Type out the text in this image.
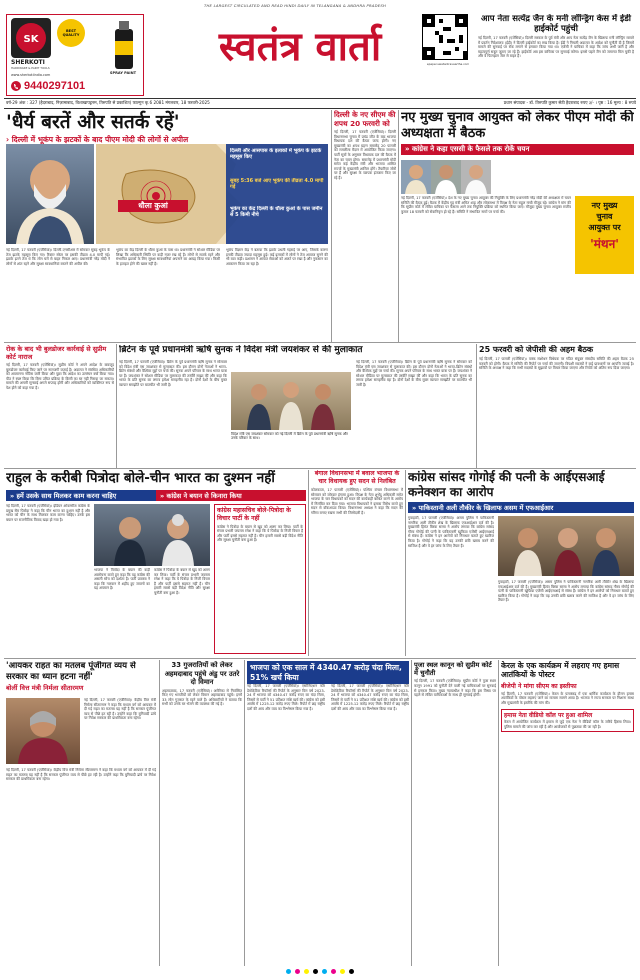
SK
SHERKOTI
HARDWARE & PAINT TOOLS
BEST QUALITY
SPRAY PAINT
www.sherkotiindia.com
9440297101
THE LARGEST CIRCULATED AND READ HINDI DAILY IN TELANGANA & ANDHRA PRADESH
स्वतंत्र वार्ता	epaper.swatantravaartha.com
आप नेता सत्येंद्र जैन के मनी लॉन्ड्रिंग केस में ईडी हाईकोर्ट पहुंची
नई दिल्ली, 17 फरवरी (एजेंसियां)। दिल्ली सरकार के पूर्व मंत्री और आप नेता सत्येंद्र जैन के खिलाफ मनी लॉन्ड्रिंग मामले में प्रवर्तन निदेशालय (ईडी) ने दिल्ली हाईकोर्ट का रुख किया है। ईडी ने निचली अदालत के आदेश को चुनौती दी है जिसमें मामले की सुनवाई पर रोक लगाने से इनकार किया गया था। एजेंसी ने याचिका में कहा कि जांच अभी जारी है और महत्वपूर्ण सबूत जुटाए जा रहे हैं। हाईकोर्ट अब इस याचिका पर सुनवाई करेगा। इससे पहले जैन को जमानत मिल चुकी है और वे फिलहाल जेल से बाहर हैं।
वर्ष-29 अंक : 327 (हैदराबाद, निज़ामाबाद, विशाखापट्टनम, तिरुपति से प्रकाशित) फाल्गुन कृ.6 2081 मंगलवार, 18 फरवरी-2025	प्रधान संपादक - डॉ. तिरुपति कुमार सेठी हैदराबाद रुपए ३/- । पृष्ठ : 16 मूल्य : 8 रुपये
'धैर्य बरतें और सतर्क रहें'
› दिल्ली में भूकंप के झटकों के बाद पीएम मोदी की लोगों से अपील
धौला कुआं
दिल्ली और आसपास के इलाकों में भूकंप के झटके महसूस किए
सुबह 5:36 बजे आए भूकंप की तीव्रता 4.0 मापी गई
भूकंप का केंद्र दिल्ली के धौला कुआं के पास जमीन से 5 किमी नीचे
नई दिल्ली, 17 फरवरी (एजेंसियां)। दिल्ली-एनसीआर में सोमवार सुबह भूकंप के तेज झटके महसूस किए गए। रिक्टर स्केल पर इसकी तीव्रता 4.0 मापी गई। झटके इतने तेज थे कि लोग घरों से बाहर निकल आए। प्रधानमंत्री नरेंद्र मोदी ने लोगों से शांत रहने और सुरक्षा सावधानियां बरतने की अपील की।
भूकंप का केंद्र दिल्ली के धौला कुआं के पास था। प्रधानमंत्री ने सोशल मीडिया पर लिखा कि अधिकारी स्थिति पर कड़ी नजर रख रहे हैं। लोगों से सतर्क रहने और संभावित झटकों के लिए सुरक्षा सावधानियां अपनाने का आग्रह किया गया। किसी के हताहत होने की खबर नहीं है।
भूकंप विज्ञान केंद्र ने बताया कि झटके उथली गहराई पर आए, जिसके कारण इनकी तीव्रता ज्यादा महसूस हुई। कई इलाकों में लोगों ने तेज आवाज सुनने की भी बात कही। प्रशासन ने आपात सेवाओं को अलर्ट पर रखा है और नुकसान का आकलन किया जा रहा है।
दिल्ली के नए सीएम की शपथ 20 फरवरी को
नई दिल्ली, 17 फरवरी (एजेंसियां)। दिल्ली विधानसभा चुनाव में प्रचंड जीत के बाद भाजपा विधायक दल की बैठक जल्द होगी। नए मुख्यमंत्री का शपथ ग्रहण समारोह 20 फरवरी को रामलीला मैदान में आयोजित किया जाएगा। पार्टी सूत्रों के अनुसार विधायक दल की बैठक में नेता का चयन होगा। समारोह में प्रधानमंत्री मोदी समेत कई केंद्रीय मंत्री और भाजपा शासित राज्यों के मुख्यमंत्री शामिल होंगे। तैयारियां जोरों पर हैं और सुरक्षा के व्यापक इंतजाम किए जा रहे हैं।
नए मुख्य चुनाव आयुक्त को लेकर पीएम मोदी की अध्यक्षता में बैठक
» कांग्रेस ने कहा एससी के फैसले तक रोकें चयन
नए मुख्य
चुनाव
आयुक्त पर
'मंथन'
नई दिल्ली, 17 फरवरी (एजेंसियां)। देश के नए मुख्य चुनाव आयुक्त की नियुक्ति के लिए प्रधानमंत्री नरेंद्र मोदी की अध्यक्षता में चयन समिति की बैठक हुई। बैठक में केंद्रीय गृह मंत्री अमित शाह और लोकसभा में विपक्ष के नेता राहुल गांधी मौजूद रहे। कांग्रेस ने मांग की कि सुप्रीम कोर्ट में लंबित याचिका पर फैसला आने तक नियुक्ति प्रक्रिया को स्थगित किया जाए। मौजूदा मुख्य चुनाव आयुक्त राजीव कुमार 18 फरवरी को सेवानिवृत्त हो रहे हैं। समिति ने संभावित नामों पर चर्चा की।
रोक के बाद भी बुलडोजर कार्रवाई से सुप्रीम कोर्ट नाराज
नई दिल्ली, 17 फरवरी (एजेंसियां)। सुप्रीम कोर्ट ने अपने आदेश के बावजूद बुलडोजर कार्रवाई किए जाने पर नाराजगी जताई है। अदालत ने संबंधित अधिकारियों को अवमानना नोटिस जारी किया और पूछा कि आदेश का उल्लंघन क्यों किया गया। पीठ ने स्पष्ट किया कि बिना उचित प्रक्रिया के किसी का घर नहीं गिराया जा सकता। मामले की अगली सुनवाई अगले सप्ताह होगी और अधिकारियों को व्यक्तिगत रूप से पेश होने को कहा गया है।
ब्रिटेन के पूर्व प्रधानमंत्री ऋषि सुनक ने विदेश मंत्री जयशंकर से की मुलाकात
विदेश मंत्री एस जयशंकर सोमवार को नई दिल्ली में ब्रिटेन के पूर्व प्रधानमंत्री ऋषि सुनक और उनके परिवार के साथ।
नई दिल्ली, 17 फरवरी (एजेंसियां)। ब्रिटेन के पूर्व प्रधानमंत्री ऋषि सुनक ने सोमवार को विदेश मंत्री एस जयशंकर से मुलाकात की। इस दौरान दोनों नेताओं ने भारत-ब्रिटेन संबंधों और वैश्विक मुद्दों पर चर्चा की। सुनक अपने परिवार के साथ भारत यात्रा पर हैं। जयशंकर ने सोशल मीडिया पर मुलाकात की तस्वीरें साझा कीं और कहा कि भारत के प्रति सुनक का लगाव हमेशा सराहनीय रहा है। दोनों देशों के बीच मुक्त व्यापार समझौते पर बातचीत भी जारी है।
नई दिल्ली, 17 फरवरी (एजेंसियां)। ब्रिटेन के पूर्व प्रधानमंत्री ऋषि सुनक ने सोमवार को विदेश मंत्री एस जयशंकर से मुलाकात की। इस दौरान दोनों नेताओं ने भारत-ब्रिटेन संबंधों और वैश्विक मुद्दों पर चर्चा की। सुनक अपने परिवार के साथ भारत यात्रा पर हैं। जयशंकर ने सोशल मीडिया पर मुलाकात की तस्वीरें साझा कीं और कहा कि भारत के प्रति सुनक का लगाव हमेशा सराहनीय रहा है। दोनों देशों के बीच मुक्त व्यापार समझौते पर बातचीत भी जारी है।
25 फरवरी को जेपीसी की अहम बैठक
नई दिल्ली, 17 फरवरी (एजेंसियां)। वक्फ संशोधन विधेयक पर गठित संयुक्त संसदीय समिति की अहम बैठक 25 फरवरी को होगी। बैठक में समिति की रिपोर्ट पर चर्चा की जाएगी। विपक्षी सदस्यों ने कई प्रावधानों पर आपत्ति जताई है। समिति के अध्यक्ष ने कहा कि सभी सदस्यों के सुझावों पर विचार किया जाएगा और रिपोर्ट को अंतिम रूप दिया जाएगा।
राहुल के करीबी पित्रोदा बोले-चीन भारत का दुश्मन नहीं
» हमें उसके साथ मिलकर काम करना चाहिए	» कांग्रेस ने बयान से किनारा किया
नई दिल्ली, 17 फरवरी (एजेंसियां)। इंडियन ओवरसीज कांग्रेस के प्रमुख सैम पित्रोदा ने कहा कि चीन भारत का दुश्मन नहीं है और भारत को चीन के साथ मिलकर काम करना चाहिए। उनके इस बयान पर राजनीतिक विवाद खड़ा हो गया है।
भाजपा ने पित्रोदा के बयान की कड़ी आलोचना करते हुए कहा कि यह कांग्रेस की असली सोच को दर्शाता है। पार्टी प्रवक्ता ने कहा कि गलवान में शहीद हुए जवानों का यह अपमान है।
कांग्रेस ने पित्रोदा के बयान से खुद को अलग कर लिया। पार्टी के संचार प्रभारी जयराम रमेश ने कहा कि ये पित्रोदा के निजी विचार हैं और पार्टी इससे सहमत नहीं है। चीन हमारी सबसे बड़ी विदेश नीति और सुरक्षा चुनौती बना हुआ है।
कांग्रेस महासचिव बोले-पित्रोदा के विचार पार्टी के नहीं
कांग्रेस ने पित्रोदा के बयान से खुद को अलग कर लिया। पार्टी के संचार प्रभारी जयराम रमेश ने कहा कि ये पित्रोदा के निजी विचार हैं और पार्टी इससे सहमत नहीं है। चीन हमारी सबसे बड़ी विदेश नीति और सुरक्षा चुनौती बना हुआ है।
बंगाल विधानसभा में बवाल भाजपा के चार विधायक हुए सदन से निलंबित
कोलकाता, 17 फरवरी (एजेंसियां)। पश्चिम बंगाल विधानसभा में सोमवार को जोरदार हंगामा हुआ। विपक्ष के नेता शुभेंदु अधिकारी समेत भाजपा के चार विधायकों को सदन की कार्यवाही बाधित करने के आरोप में निलंबित कर दिया गया। भाजपा विधायकों ने इसका विरोध करते हुए सदन से वॉकआउट किया। विधानसभा अध्यक्ष ने कहा कि सदन की गरिमा बनाए रखना सभी की जिम्मेदारी है।
कांग्रेस सांसद गोगोई की पत्नी के आईएसआई कनेक्शन का आरोप
» पाकिस्तानी अली तौकीर के खिलाफ असम में एफआईआर
गुवाहाटी, 17 फरवरी (एजेंसियां)। असम पुलिस ने पाकिस्तानी नागरिक अली तौकीर शेख के खिलाफ एफआईआर दर्ज की है। मुख्यमंत्री हिमंत बिस्वा सरमा ने आरोप लगाया कि कांग्रेस सांसद गौरव गोगोई की पत्नी के पाकिस्तानी खुफिया एजेंसी आईएसआई से संबंध हैं। कांग्रेस ने इन आरोपों को निराधार बताते हुए खारिज किया है। गोगोई ने कहा कि यह उनकी छवि खराब करने की साजिश है और वे हर जांच के लिए तैयार हैं।
गुवाहाटी, 17 फरवरी (एजेंसियां)। असम पुलिस ने पाकिस्तानी नागरिक अली तौकीर शेख के खिलाफ एफआईआर दर्ज की है। मुख्यमंत्री हिमंत बिस्वा सरमा ने आरोप लगाया कि कांग्रेस सांसद गौरव गोगोई की पत्नी के पाकिस्तानी खुफिया एजेंसी आईएसआई से संबंध हैं। कांग्रेस ने इन आरोपों को निराधार बताते हुए खारिज किया है। गोगोई ने कहा कि यह उनकी छवि खराब करने की साजिश है और वे हर जांच के लिए तैयार हैं।
'आयकर राहत का मतलब पूंजीगत व्यय से सरकार का ध्यान हटना नहीं'
बोलीं वित्त मंत्री निर्मला सीतारमण
नई दिल्ली, 17 फरवरी (एजेंसियां)। केंद्रीय वित्त मंत्री निर्मला सीतारमण ने कहा कि मध्यम वर्ग को आयकर में दी गई राहत का मतलब यह नहीं है कि सरकार पूंजीगत व्यय से पीछे हट रही है। उन्होंने कहा कि बुनियादी ढांचे पर निवेश सरकार की प्राथमिकता बना रहेगा।
नई दिल्ली, 17 फरवरी (एजेंसियां)। केंद्रीय वित्त मंत्री निर्मला सीतारमण ने कहा कि मध्यम वर्ग को आयकर में दी गई राहत का मतलब यह नहीं है कि सरकार पूंजीगत व्यय से पीछे हट रही है। उन्होंने कहा कि बुनियादी ढांचे पर निवेश सरकार की प्राथमिकता बना रहेगा।
33 गुजरातियों को लेकर अहमदाबाद पहुंचे अंडु पर उतरे दो विमान
अहमदाबाद, 17 फरवरी (एजेंसियां)। अमेरिका से निर्वासित किए गए भारतीयों को लेकर विमान अहमदाबाद पहुंचे। इनमें 33 लोग गुजरात के रहने वाले हैं। अधिकारियों ने बताया कि सभी को उनके घर भेजने की व्यवस्था की गई है।
भाजपा को एक साल में 4340.47 करोड़ चंदा मिला, 51% खर्च किया
नई दिल्ली, 17 फरवरी (एजेंसियां)। एसोसिएशन फॉर डेमोक्रेटिक रिफॉर्म्स की रिपोर्ट के अनुसार वित्त वर्ष 2023-24 में भाजपा को 4340.47 करोड़ रुपए का चंदा मिला, जिसमें से पार्टी ने 51 प्रतिशत राशि खर्च की। कांग्रेस को इसी अवधि में 1225.12 करोड़ रुपए मिले। रिपोर्ट में छह राष्ट्रीय दलों की आय और व्यय का विश्लेषण किया गया है।
नई दिल्ली, 17 फरवरी (एजेंसियां)। एसोसिएशन फॉर डेमोक्रेटिक रिफॉर्म्स की रिपोर्ट के अनुसार वित्त वर्ष 2023-24 में भाजपा को 4340.47 करोड़ रुपए का चंदा मिला, जिसमें से पार्टी ने 51 प्रतिशत राशि खर्च की। कांग्रेस को इसी अवधि में 1225.12 करोड़ रुपए मिले। रिपोर्ट में छह राष्ट्रीय दलों की आय और व्यय का विश्लेषण किया गया है।
पूजा स्थल कानून को सुप्रीम कोर्ट में चुनौती
नई दिल्ली, 17 फरवरी (एजेंसियां)। सुप्रीम कोर्ट ने पूजा स्थल कानून 1991 को चुनौती देने वाली नई याचिकाओं पर सुनवाई से इनकार किया। मुख्य न्यायाधीश ने कहा कि इस विषय पर पहले से लंबित याचिकाओं के साथ ही सुनवाई होगी।
केरल के एक कार्यक्रम में लहराए गए हमास आतंकियों के पोस्टर
बीजेपी ने मांगा सीएम का इस्तीफा
नई दिल्ली, 17 फरवरी (एजेंसियां)। केरल के पलक्कड़ में एक धार्मिक कार्यक्रम के दौरान हमास आतंकियों के पोस्टर लहराए जाने का मामला सामने आया है। भाजपा ने राज्य सरकार पर निशाना साधा और मुख्यमंत्री के इस्तीफे की मांग की।
हमास नेता वीडियो कॉल पर हुआ शामिल
केरल में आयोजित कार्यक्रम में हमास से जुड़े एक नेता ने वीडियो कॉल के जरिये हिस्सा लिया। पुलिस मामले की जांच कर रही है और आयोजकों से पूछताछ की जा रही है।
